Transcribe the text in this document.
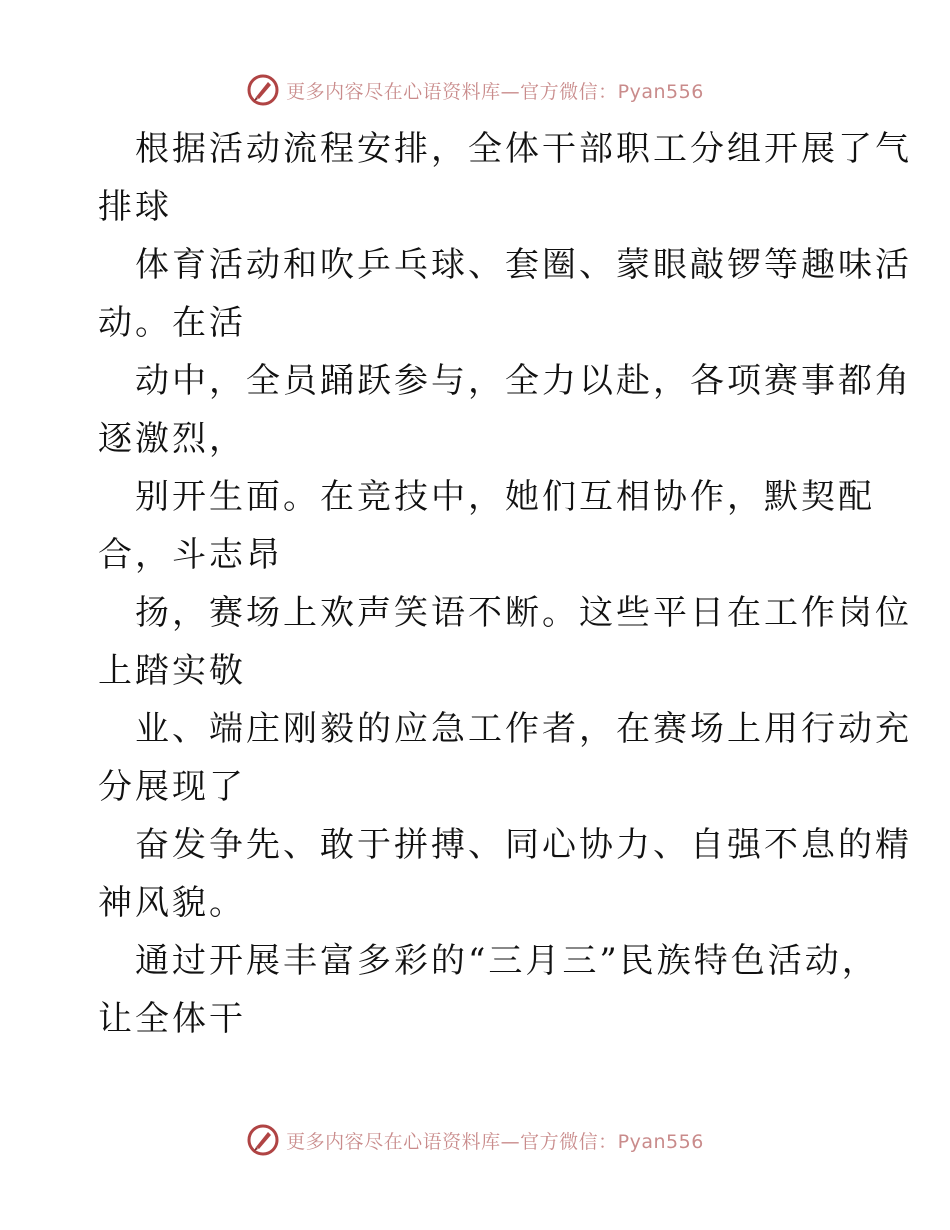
更多内容尽在心语资料库—官方微信：Pyan556
根据活动流程安排，全体干部职工分组开展了气
排球
体育活动和吹乒乓球、套圈、蒙眼敲锣等趣味活
动。在活
动中，全员踊跃参与，全力以赴，各项赛事都角
逐激烈，
别开生面。在竞技中，她们互相协作，默契配
合，斗志昂
扬，赛场上欢声笑语不断。这些平日在工作岗位
上踏实敬
业、端庄刚毅的应急工作者，在赛场上用行动充
分展现了
奋发争先、敢于拼搏、同心协力、自强不息的精
神风貌。
通过开展丰富多彩的“三月三”民族特色活动，
让全体干
更多内容尽在心语资料库—官方微信：Pyan556
